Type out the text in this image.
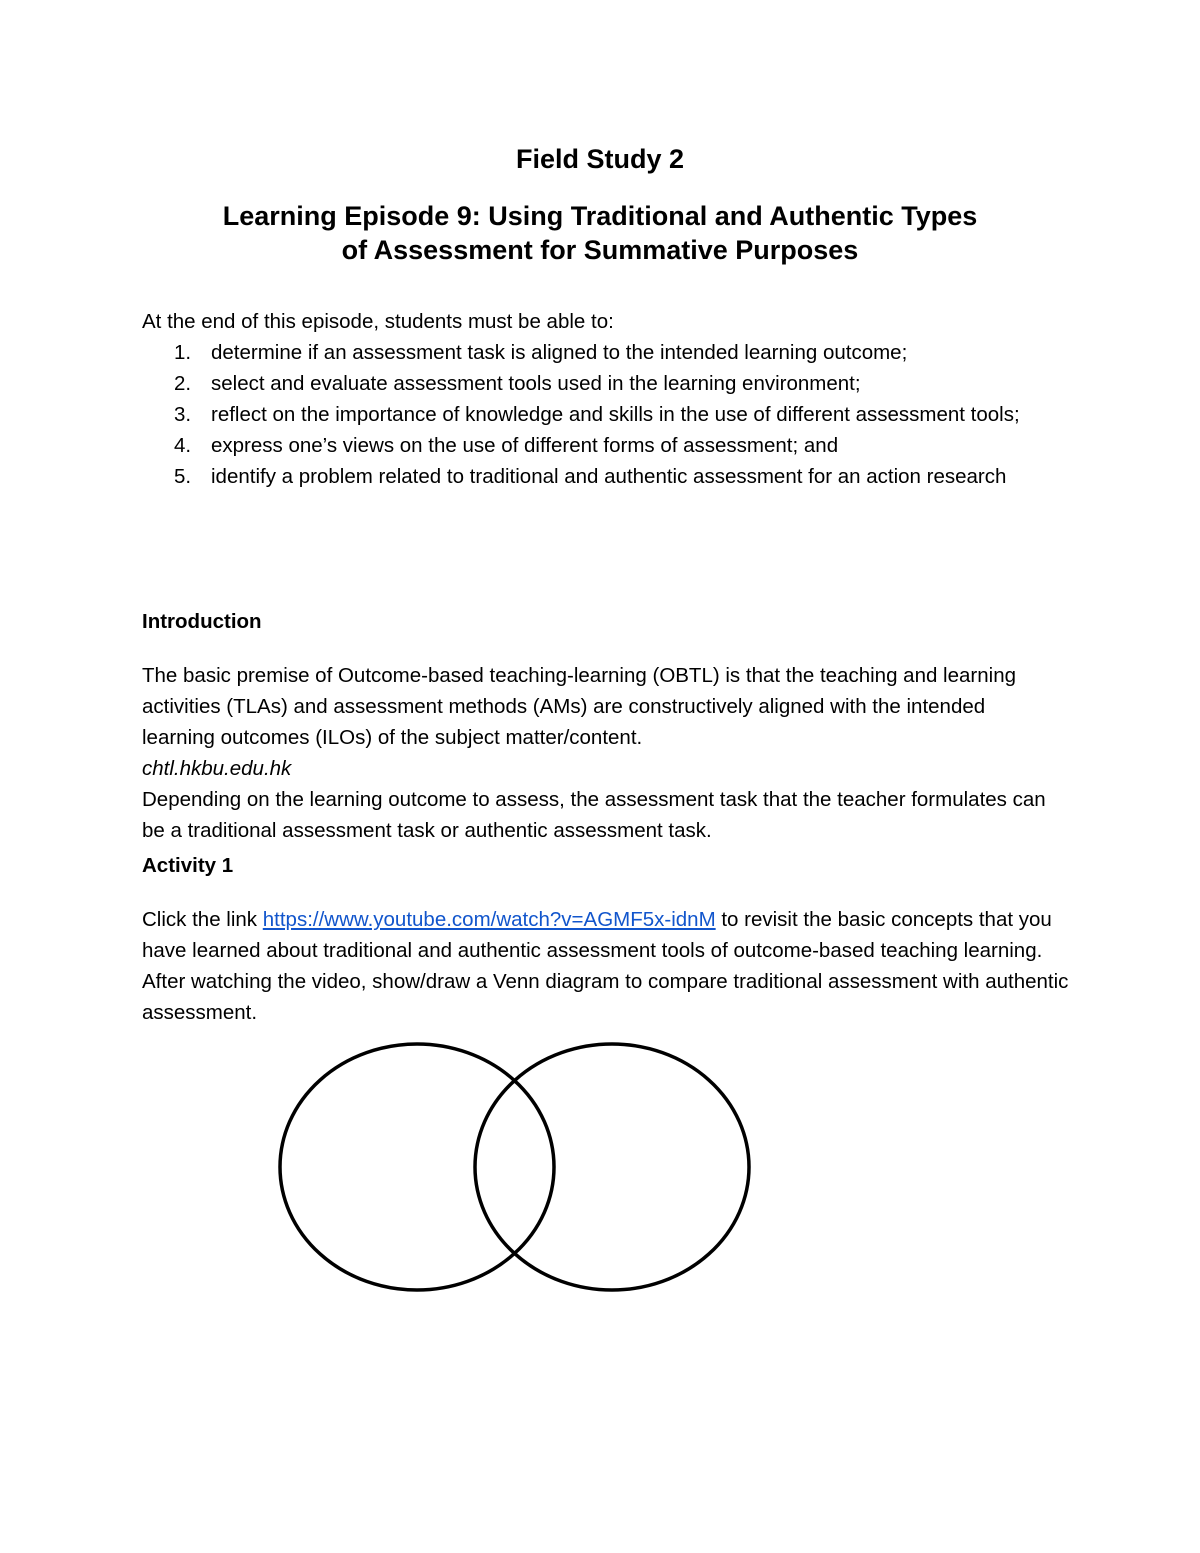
Field Study 2
Learning Episode 9: Using Traditional and Authentic Types
of Assessment for Summative Purposes

At the end of this episode, students must be able to:

1. determine if an assessment task is aligned to the intended learning outcome;
2. select and evaluate assessment tools used in the learning environment;
3. reflect on the importance of knowledge and skills in the use of different assessment tools;
4. express one’s views on the use of different forms of assessment; and
5. identify a problem related to traditional and authentic assessment for an action research
Introduction
The basic premise of Outcome-based teaching-learning (OBTL) is that the teaching and learning activities (TLAs) and assessment methods (AMs) are constructively aligned with the intended learning outcomes (ILOs) of the subject matter/content.
chtl.hkbu.edu.hk
Depending on the learning outcome to assess, the assessment task that the teacher formulates can be a traditional assessment task or authentic assessment task.
Activity 1

Click the link https://www.youtube.com/watch?v=AGMF5x-idnM to revisit the basic concepts that you have learned about traditional and authentic assessment tools of outcome-based teaching learning. After watching the video, show/draw a Venn diagram to compare traditional assessment with authentic assessment.
